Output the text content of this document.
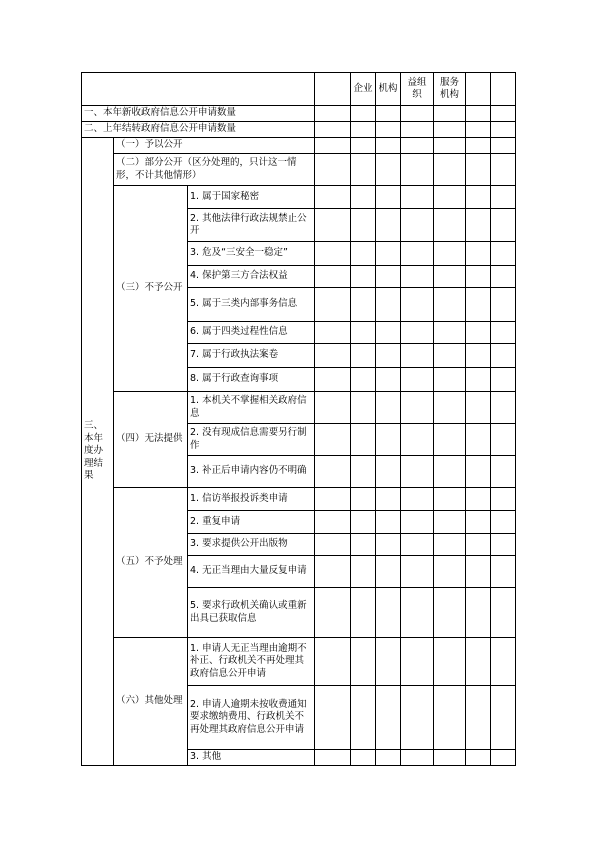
				企业	机构	益组织	服务机构		
一、本年新收政府信息公开申请数量									
二、上年结转政府信息公开申请数量									
三、本年度办理结果	（一）予以公开								
	（二）部分公开（区分处理的，只计这一情形，不计其他情形）								
	（三）不予公开	1. 属于国家秘密							
		2. 其他法律行政法规禁止公开							
		3. 危及“三安全一稳定”							
		4. 保护第三方合法权益							
		5. 属于三类内部事务信息							
		6. 属于四类过程性信息							
		7. 属于行政执法案卷							
		8. 属于行政查询事项							
	（四）无法提供	1. 本机关不掌握相关政府信息							
		2. 没有现成信息需要另行制作							
		3. 补正后申请内容仍不明确							
	（五）不予处理	1. 信访举报投诉类申请							
		2. 重复申请							
		3. 要求提供公开出版物							
		4. 无正当理由大量反复申请							
		5. 要求行政机关确认或重新出具已获取信息							
	（六）其他处理	1. 申请人无正当理由逾期不补正、行政机关不再处理其政府信息公开申请							
		2. 申请人逾期未按收费通知要求缴纳费用、行政机关不再处理其政府信息公开申请							
		3. 其他							
